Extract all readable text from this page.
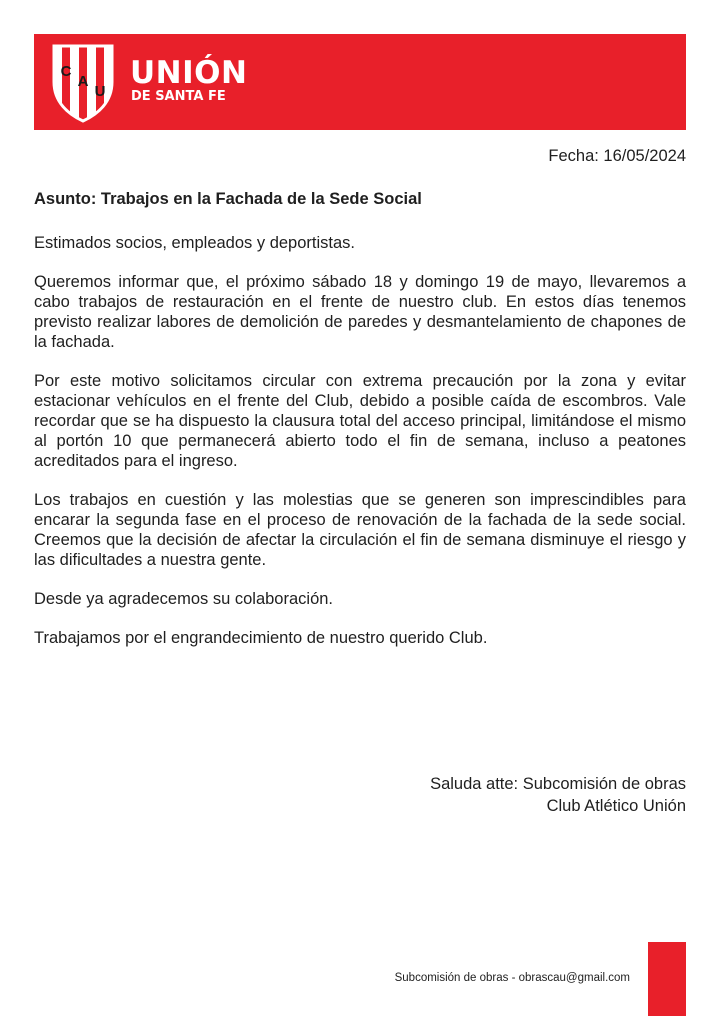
C
A
U
UNIÓN
DE SANTA FE
Fecha: 16/05/2024
Asunto: Trabajos en la Fachada de la Sede Social

Estimados socios, empleados y deportistas.

Queremos informar que, el próximo sábado 18 y domingo 19 de mayo, llevaremos a cabo trabajos de restauración en el frente de nuestro club. En estos días tenemos previsto realizar labores de demolición de paredes y desmantelamiento de chapones de la fachada.

Por este motivo solicitamos circular con extrema precaución por la zona y evitar estacionar vehículos en el frente del Club, debido a posible caída de escombros. Vale recordar que se ha dispuesto la clausura total del acceso principal, limitándose el mismo al portón 10 que permanecerá abierto todo el fin de semana, incluso a peatones acreditados para el ingreso.

Los trabajos en cuestión y las molestias que se generen son imprescindibles para encarar la segunda fase en el proceso de renovación de la fachada de la sede social. Creemos que la decisión de afectar la circulación el fin de semana disminuye el riesgo y las dificultades a nuestra gente.

Desde ya agradecemos su colaboración.

Trabajamos por el engrandecimiento de nuestro querido Club.

Saluda atte: Subcomisión de obras
Club Atlético Unión
Subcomisión de obras - obrascau@gmail.com
